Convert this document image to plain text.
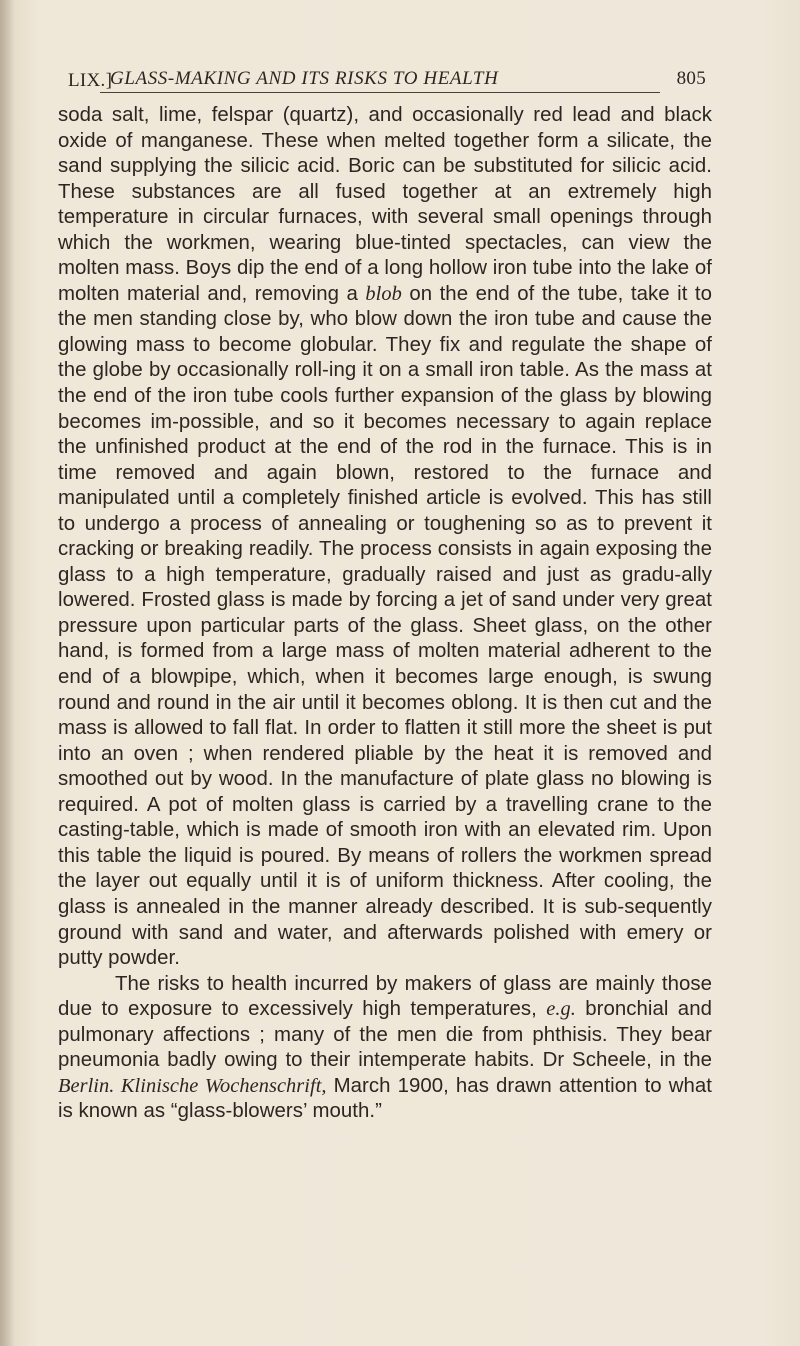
LIX.]
GLASS-MAKING AND ITS RISKS TO HEALTH	805

soda salt, lime, felspar (quartz), and occasionally red lead and black oxide of manganese. These when melted together form a silicate, the sand supplying the silicic acid. Boric can be substituted for silicic acid. These substances are all fused together at an extremely high temperature in circular furnaces, with several small openings through which the workmen, wearing blue-tinted spectacles, can view the molten mass. Boys dip the end of a long hollow iron tube into the lake of molten material and, removing a blob on the end of the tube, take it to the men standing close by, who blow down the iron tube and cause the glowing mass to become globular. They fix and regulate the shape of the globe by occasionally roll-ing it on a small iron table. As the mass at the end of the iron tube cools further expansion of the glass by blowing becomes im-possible, and so it becomes necessary to again replace the unfinished product at the end of the rod in the furnace. This is in time removed and again blown, restored to the furnace and manipulated until a completely finished article is evolved. This has still to undergo a process of annealing or toughening so as to prevent it cracking or breaking readily. The process consists in again exposing the glass to a high temperature, gradually raised and just as gradu-ally lowered. Frosted glass is made by forcing a jet of sand under very great pressure upon particular parts of the glass. Sheet glass, on the other hand, is formed from a large mass of molten material adherent to the end of a blowpipe, which, when it becomes large enough, is swung round and round in the air until it becomes oblong. It is then cut and the mass is allowed to fall flat. In order to flatten it still more the sheet is put into an oven ; when rendered pliable by the heat it is removed and smoothed out by wood. In the manufacture of plate glass no blowing is required. A pot of molten glass is carried by a travelling crane to the casting-table, which is made of smooth iron with an elevated rim. Upon this table the liquid is poured. By means of rollers the workmen spread the layer out equally until it is of uniform thickness. After cooling, the glass is annealed in the manner already described. It is sub-sequently ground with sand and water, and afterwards polished with emery or putty powder.

The risks to health incurred by makers of glass are mainly those due to exposure to excessively high temperatures, e.g. bronchial and pulmonary affections ; many of the men die from phthisis. They bear pneumonia badly owing to their intemperate habits. Dr Scheele, in the Berlin. Klinische Wochenschrift, March 1900, has drawn attention to what is known as “glass-blowers’ mouth.”
